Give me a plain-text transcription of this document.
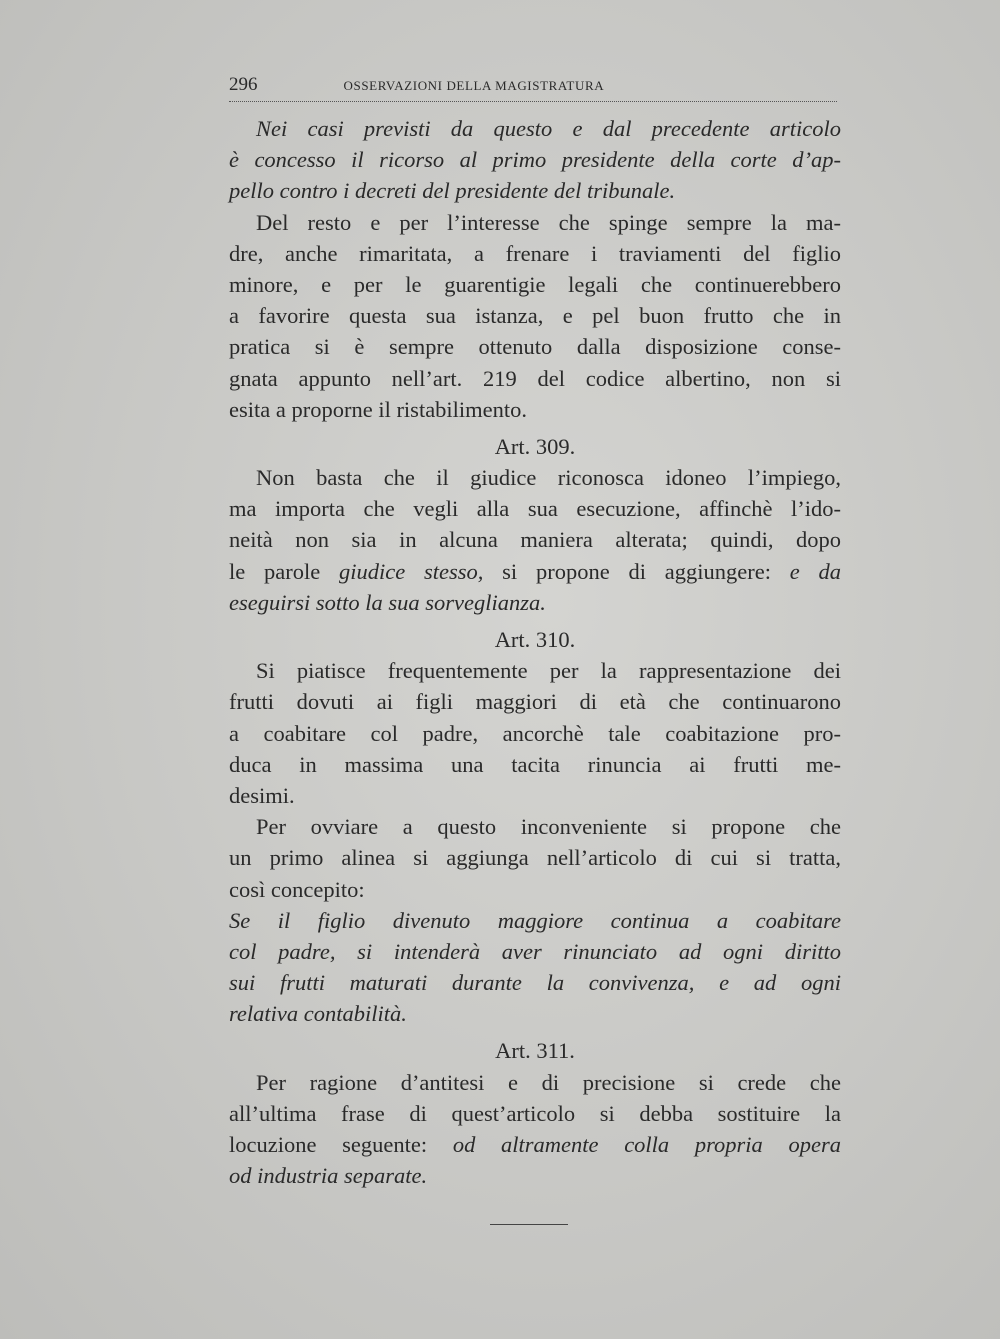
296	OSSERVAZIONI DELLA MAGISTRATURA
Nei casi previsti da questo e dal precedente articolo
è concesso il ricorso al primo presidente della corte d’ap-
pello contro i decreti del presidente del tribunale.
Del resto e per l’interesse che spinge sempre la ma-
dre, anche rimaritata, a frenare i traviamenti del figlio
minore, e per le guarentigie legali che continuerebbero
a favorire questa sua istanza, e pel buon frutto che in
pratica si è sempre ottenuto dalla disposizione conse-
gnata appunto nell’art. 219 del codice albertino, non si
esita a proporne il ristabilimento.
Art. 309.
Non basta che il giudice riconosca idoneo l’impiego,
ma importa che vegli alla sua esecuzione, affinchè l’ido-
neità non sia in alcuna maniera alterata; quindi, dopo
le parole giudice stesso, si propone di aggiungere: e da
eseguirsi sotto la sua sorveglianza.
Art. 310.
Si piatisce frequentemente per la rappresentazione dei
frutti dovuti ai figli maggiori di età che continuarono
a coabitare col padre, ancorchè tale coabitazione pro-
duca in massima una tacita rinuncia ai frutti me-
desimi.
Per ovviare a questo inconveniente si propone che
un primo alinea si aggiunga nell’articolo di cui si tratta,
così concepito:
Se il figlio divenuto maggiore continua a coabitare
col padre, si intenderà aver rinunciato ad ogni diritto
sui frutti maturati durante la convivenza, e ad ogni
relativa contabilità.
Art. 311.
Per ragione d’antitesi e di precisione si crede che
all’ultima frase di quest’articolo si debba sostituire la
locuzione seguente: od altramente colla propria opera
od industria separate.
